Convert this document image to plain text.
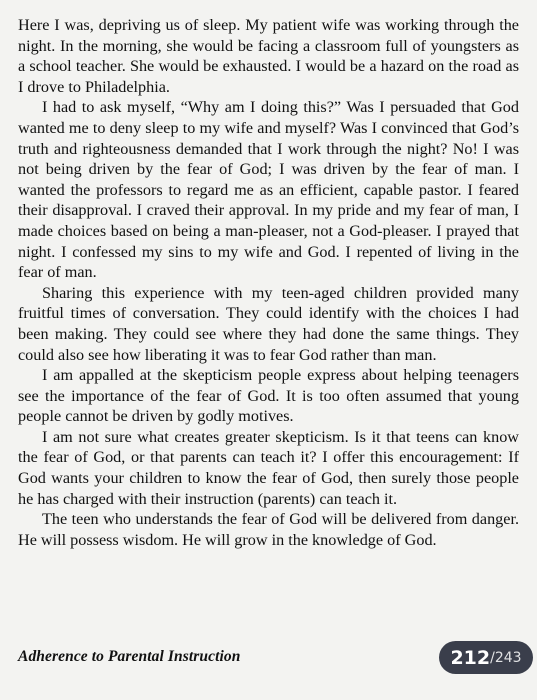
Here I was, depriving us of sleep. My patient wife was working through the night. In the morning, she would be facing a classroom full of youngsters as a school teacher. She would be exhausted. I would be a hazard on the road as I drove to Philadelphia.

I had to ask myself, “Why am I doing this?” Was I persuaded that God wanted me to deny sleep to my wife and myself? Was I convinced that God’s truth and righteousness demanded that I work through the night? No! I was not being driven by the fear of God; I was driven by the fear of man. I wanted the professors to regard me as an efficient, capable pastor. I feared their disapproval. I craved their approval. In my pride and my fear of man, I made choices based on being a man-pleaser, not a God-pleaser. I prayed that night. I confessed my sins to my wife and God. I repented of living in the fear of man.

Sharing this experience with my teen-aged children provided many fruitful times of conversation. They could identify with the choices I had been making. They could see where they had done the same things. They could also see how liberating it was to fear God rather than man.

I am appalled at the skepticism people express about helping teenagers see the importance of the fear of God. It is too often assumed that young people cannot be driven by godly motives.

I am not sure what creates greater skepticism. Is it that teens can know the fear of God, or that parents can teach it? I offer this encouragement: If God wants your children to know the fear of God, then surely those people he has charged with their instruction (parents) can teach it.

The teen who understands the fear of God will be delivered from danger. He will possess wisdom. He will grow in the knowledge of God.

Adherence to Parental Instruction	212 / 243
